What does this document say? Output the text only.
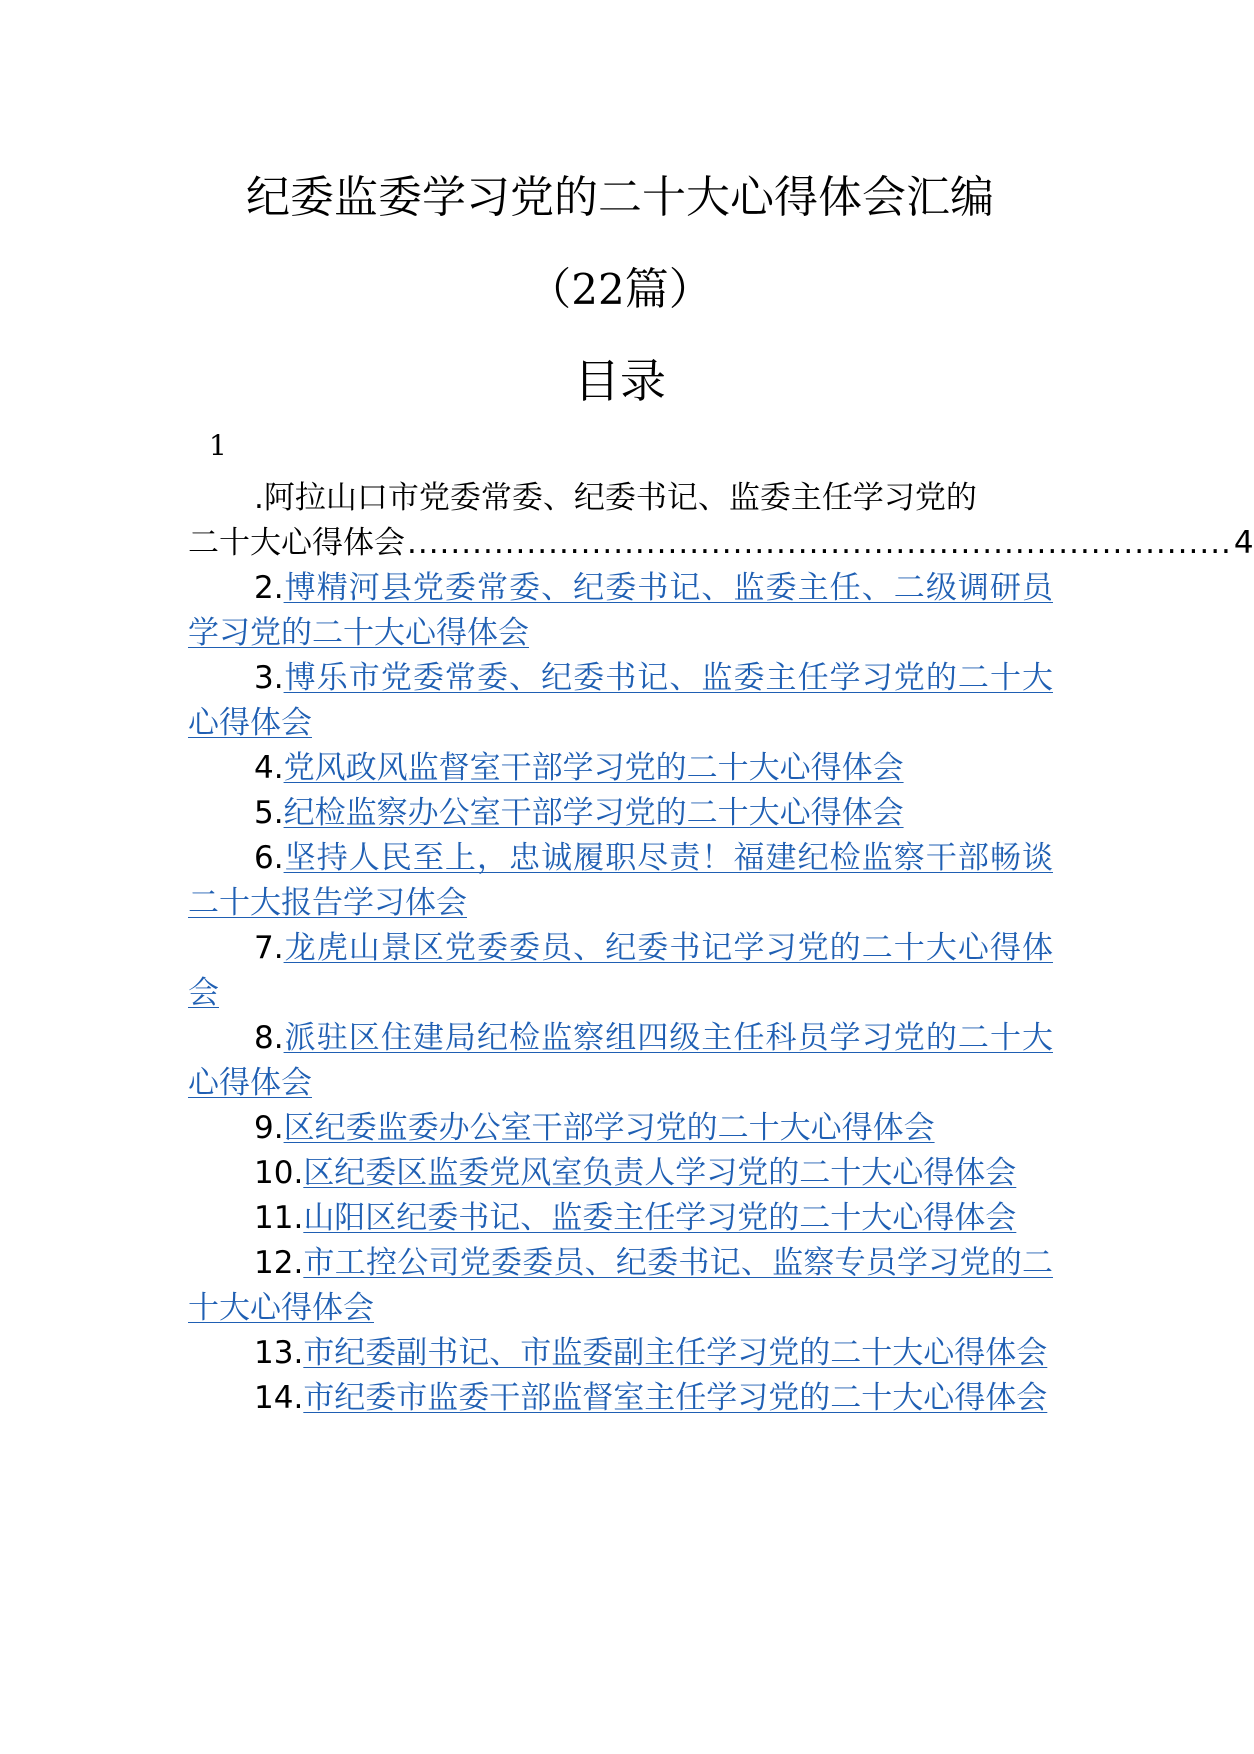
纪委监委学习党的二十大心得体会汇编
（22篇）
目录
1
.阿拉山口市党委常委、纪委书记、监委主任学习党的
二十大心得体会 ............................................................................ 4

2.博精河县党委常委、纪委书记、监委主任、二级调研员学习党的二十大心得体会

3.博乐市党委常委、纪委书记、监委主任学习党的二十大心得体会

4.党风政风监督室干部学习党的二十大心得体会

5.纪检监察办公室干部学习党的二十大心得体会

6.坚持人民至上，忠诚履职尽责！福建纪检监察干部畅谈二十大报告学习体会

7.龙虎山景区党委委员、纪委书记学习党的二十大心得体会

8.派驻区住建局纪检监察组四级主任科员学习党的二十大心得体会

9.区纪委监委办公室干部学习党的二十大心得体会

10.区纪委区监委党风室负责人学习党的二十大心得体会

11.山阳区纪委书记、监委主任学习党的二十大心得体会

12.市工控公司党委委员、纪委书记、监察专员学习党的二十大心得体会

13.市纪委副书记、市监委副主任学习党的二十大心得体会

14.市纪委市监委干部监督室主任学习党的二十大心得体会
